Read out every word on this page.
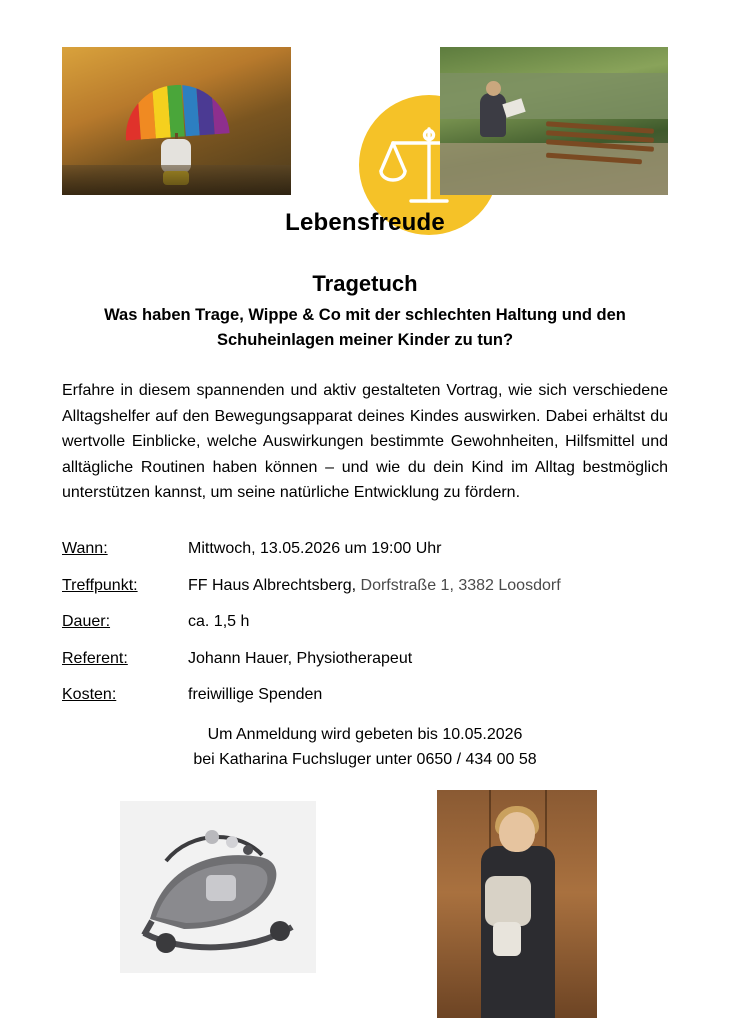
Lebensfreude
Tragetuch
Was haben Trage, Wippe & Co mit der schlechten Haltung und den Schuheinlagen meiner Kinder zu tun?
Erfahre in diesem spannenden und aktiv gestalteten Vortrag, wie sich verschiedene Alltagshelfer auf den Bewegungsapparat deines Kindes auswirken. Dabei erhältst du wertvolle Einblicke, welche Auswirkungen bestimmte Gewohnheiten, Hilfsmittel und alltägliche Routinen haben können – und wie du dein Kind im Alltag bestmöglich unterstützen kannst, um seine natürliche Entwicklung zu fördern.
Wann:	Mittwoch, 13.05.2026 um 19:00 Uhr
Treffpunkt:	FF Haus Albrechtsberg, Dorfstraße 1, 3382 Loosdorf
Dauer:	ca. 1,5 h
Referent:	Johann Hauer, Physiotherapeut
Kosten:	freiwillige Spenden
Um Anmeldung wird gebeten bis 10.05.2026
bei Katharina Fuchsluger unter 0650 / 434 00 58
